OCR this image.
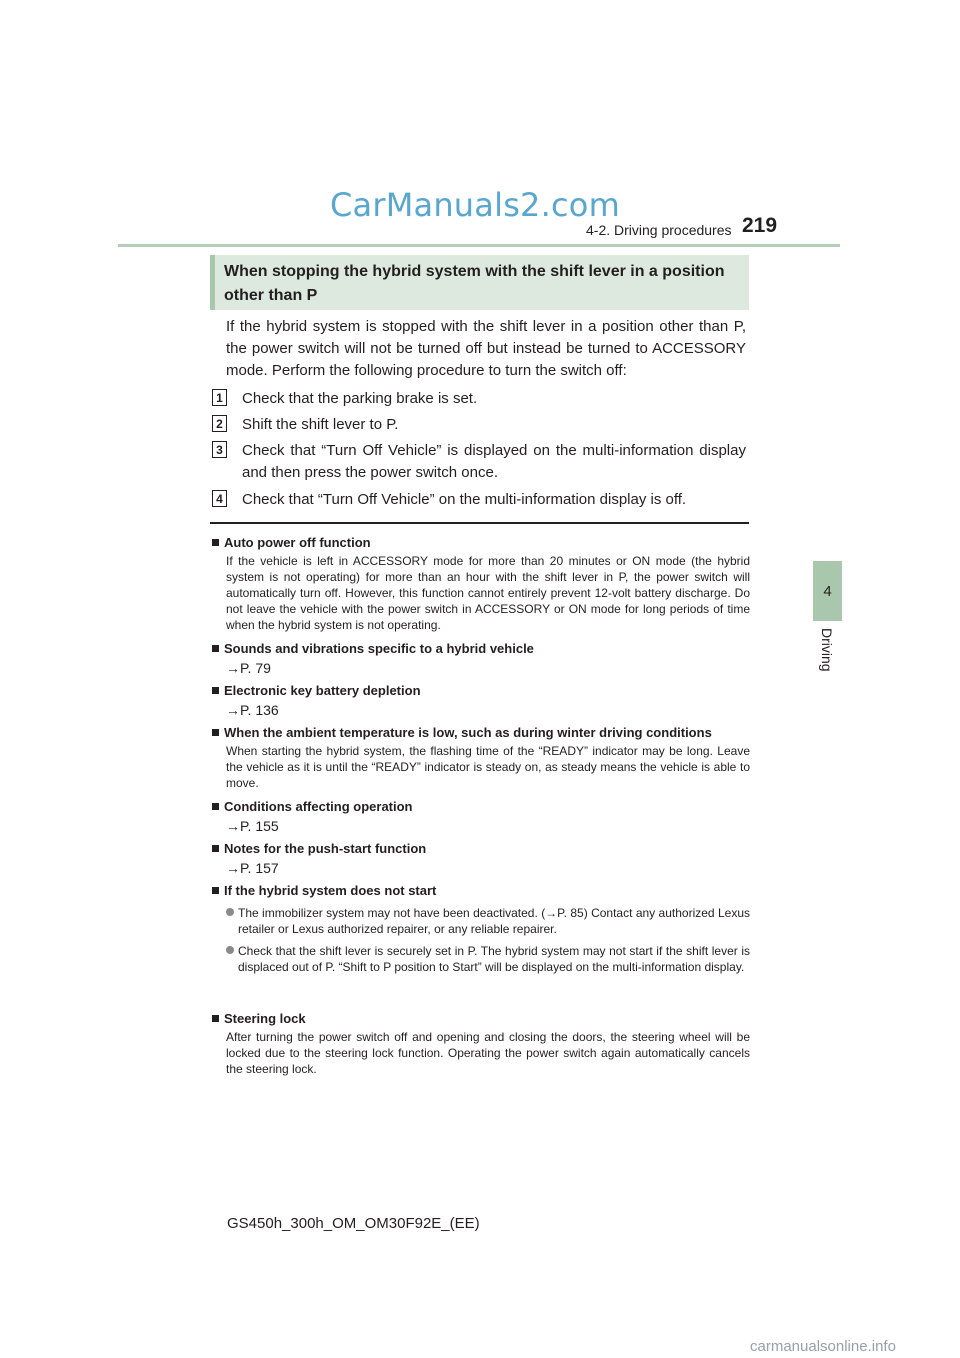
CarManuals2.com
4-2. Driving procedures 219
4
Driving
When stopping the hybrid system with the shift lever in a position other than P
If the hybrid system is stopped with the shift lever in a position other than P, the power switch will not be turned off but instead be turned to ACCESSORY mode. Perform the following procedure to turn the switch off:
1 Check that the parking brake is set.
2 Shift the shift lever to P.
3 Check that “Turn Off Vehicle” is displayed on the multi-information display and then press the power switch once.
4 Check that “Turn Off Vehicle” on the multi-information display is off.
Auto power off function
If the vehicle is left in ACCESSORY mode for more than 20 minutes or ON mode (the hybrid system is not operating) for more than an hour with the shift lever in P, the power switch will automatically turn off. However, this function cannot entirely prevent 12-volt battery discharge. Do not leave the vehicle with the power switch in ACCESSORY or ON mode for long periods of time when the hybrid system is not operating.
Sounds and vibrations specific to a hybrid vehicle
→P. 79
Electronic key battery depletion
→P. 136
When the ambient temperature is low, such as during winter driving conditions
When starting the hybrid system, the flashing time of the “READY” indicator may be long. Leave the vehicle as it is until the “READY” indicator is steady on, as steady means the vehicle is able to move.
Conditions affecting operation
→P. 155
Notes for the push-start function
→P. 157
If the hybrid system does not start
The immobilizer system may not have been deactivated. (→P. 85) Contact any authorized Lexus retailer or Lexus authorized repairer, or any reliable repairer.
Check that the shift lever is securely set in P. The hybrid system may not start if the shift lever is displaced out of P. “Shift to P position to Start” will be displayed on the multi-information display.
Steering lock
After turning the power switch off and opening and closing the doors, the steering wheel will be locked due to the steering lock function. Operating the power switch again automatically cancels the steering lock.
GS450h_300h_OM_OM30F92E_(EE)
carmanualsonline.info
